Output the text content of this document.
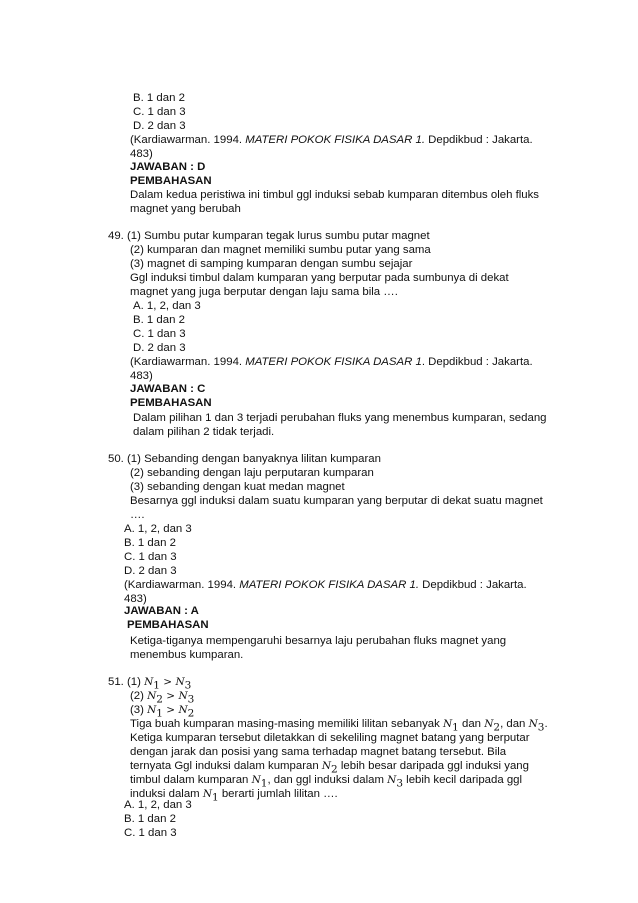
B. 1 dan 2
C. 1 dan 3
D. 2 dan 3
(Kardiawarman. 1994. MATERI POKOK FISIKA DASAR 1. Depdikbud : Jakarta.
483)
JAWABAN : D
PEMBAHASAN
Dalam kedua peristiwa ini timbul ggl induksi sebab kumparan ditembus oleh fluks
magnet yang berubah
49. (1) Sumbu putar kumparan tegak lurus sumbu putar magnet
(2) kumparan dan magnet memiliki sumbu putar yang sama
(3) magnet di samping kumparan dengan sumbu sejajar
Ggl induksi timbul dalam kumparan yang berputar pada sumbunya di dekat
magnet yang juga berputar dengan laju sama bila ….
A. 1, 2, dan 3
B. 1 dan 2
C. 1 dan 3
D. 2 dan 3
(Kardiawarman. 1994. MATERI POKOK FISIKA DASAR 1. Depdikbud : Jakarta.
483)
JAWABAN : C
PEMBAHASAN
Dalam pilihan 1 dan 3 terjadi perubahan fluks yang menembus kumparan, sedang
dalam pilihan 2 tidak terjadi.
50. (1) Sebanding dengan banyaknya lilitan kumparan
(2) sebanding dengan laju perputaran kumparan
(3) sebanding dengan kuat medan magnet
Besarnya ggl induksi dalam suatu kumparan yang berputar di dekat suatu magnet
….
A. 1, 2, dan 3
B. 1 dan 2
C. 1 dan 3
D. 2 dan 3
(Kardiawarman. 1994. MATERI POKOK FISIKA DASAR 1. Depdikbud : Jakarta.
483)
JAWABAN : A
PEMBAHASAN
Ketiga-tiganya mempengaruhi besarnya laju perubahan fluks magnet yang
menembus kumparan.
51. (1) $N_1 > N_3$
(2) $N_2 > N_3$
(3) $N_1 > N_2$
Tiga buah kumparan masing-masing memiliki lilitan sebanyak $N_1$ dan $N_2$, dan $N_3$.
Ketiga kumparan tersebut diletakkan di sekeliling magnet batang yang berputar
dengan jarak dan posisi yang sama terhadap magnet batang tersebut. Bila
ternyata Ggl induksi dalam kumparan $N_2$ lebih besar daripada ggl induksi yang
timbul dalam kumparan $N_1$, dan ggl induksi dalam $N_3$ lebih kecil daripada ggl
induksi dalam $N_1$ berarti jumlah lilitan ….
A. 1, 2, dan 3
B. 1 dan 2
C. 1 dan 3
